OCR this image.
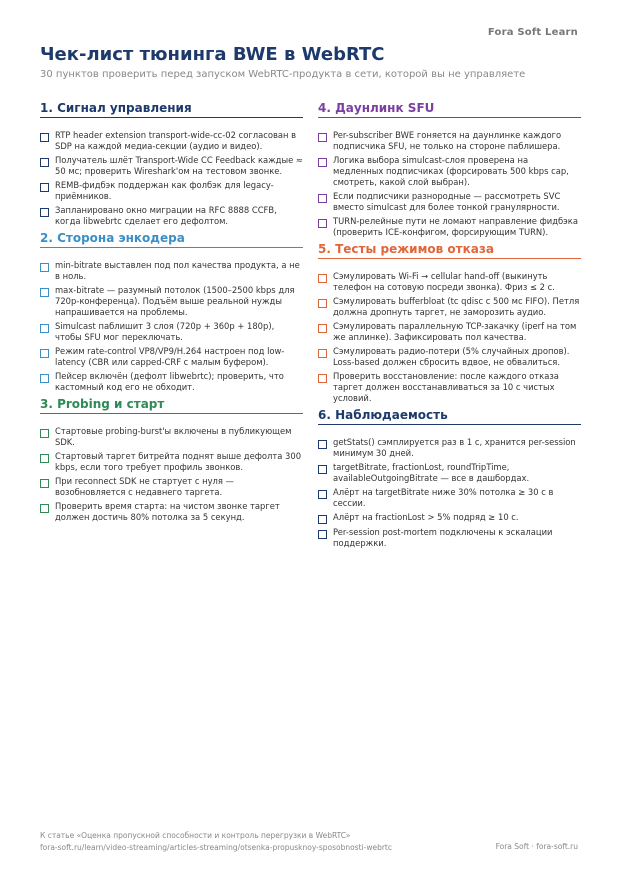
Fora Soft Learn
Чек-лист тюнинга BWE в WebRTC
30 пунктов проверить перед запуском WebRTC-продукта в сети, которой вы не управляете
1. Сигнал управления
RTP header extension transport-wide-cc-02 согласован в SDP на каждой медиа-секции (аудио и видео).
Получатель шлёт Transport-Wide CC Feedback каждые ≈ 50 мс; проверить Wireshark'ом на тестовом звонке.
REMB-фидбэк поддержан как фолбэк для legacy-приёмников.
Запланировано окно миграции на RFC 8888 CCFB, когда libwebrtc сделает его дефолтом.
2. Сторона энкодера
min-bitrate выставлен под пол качества продукта, а не в ноль.
max-bitrate — разумный потолок (1500–2500 kbps для 720p-конференца). Подъём выше реальной нужды напрашивается на проблемы.
Simulcast паблишит 3 слоя (720p + 360p + 180p), чтобы SFU мог переключать.
Режим rate-control VP8/VP9/H.264 настроен под low-latency (CBR или capped-CRF с малым буфером).
Пейсер включён (дефолт libwebrtc); проверить, что кастомный код его не обходит.
3. Probing и старт
Стартовые probing-burst'ы включены в публикующем SDK.
Стартовый таргет битрейта поднят выше дефолта 300 kbps, если того требует профиль звонков.
При reconnect SDK не стартует с нуля — возобновляется с недавнего таргета.
Проверить время старта: на чистом звонке таргет должен достичь 80% потолка за 5 секунд.
4. Даунлинк SFU
Per-subscriber BWE гоняется на даунлинке каждого подписчика SFU, не только на стороне паблишера.
Логика выбора simulcast-слоя проверена на медленных подписчиках (форсировать 500 kbps cap, смотреть, какой слой выбран).
Если подписчики разнородные — рассмотреть SVC вместо simulcast для более тонкой гранулярности.
TURN-релейные пути не ломают направление фидбэка (проверить ICE-конфигом, форсирующим TURN).
5. Тесты режимов отказа
Сэмулировать Wi-Fi → cellular hand-off (выкинуть телефон на сотовую посреди звонка). Фриз ≤ 2 с.
Сэмулировать bufferbloat (tc qdisc с 500 мс FIFO). Петля должна дропнуть таргет, не заморозить аудио.
Сэмулировать параллельную TCP-закачку (iperf на том же аплинке). Зафиксировать пол качества.
Сэмулировать радио-потери (5% случайных дропов). Loss-based должен сбросить вдвое, не обвалиться.
Проверить восстановление: после каждого отказа таргет должен восстанавливаться за 10 с чистых условий.
6. Наблюдаемость
getStats() сэмплируется раз в 1 с, хранится per-session минимум 30 дней.
targetBitrate, fractionLost, roundTripTime, availableOutgoingBitrate — все в дашбордах.
Алёрт на targetBitrate ниже 30% потолка ≥ 30 с в сессии.
Алёрт на fractionLost > 5% подряд ≥ 10 с.
Per-session post-mortem подключены к эскалации поддержки.
К статье «Оценка пропускной способности и контроль перегрузки в WebRTC»
fora-soft.ru/learn/video-streaming/articles-streaming/otsenka-propusknoy-sposobnosti-webrtc	Fora Soft · fora-soft.ru
